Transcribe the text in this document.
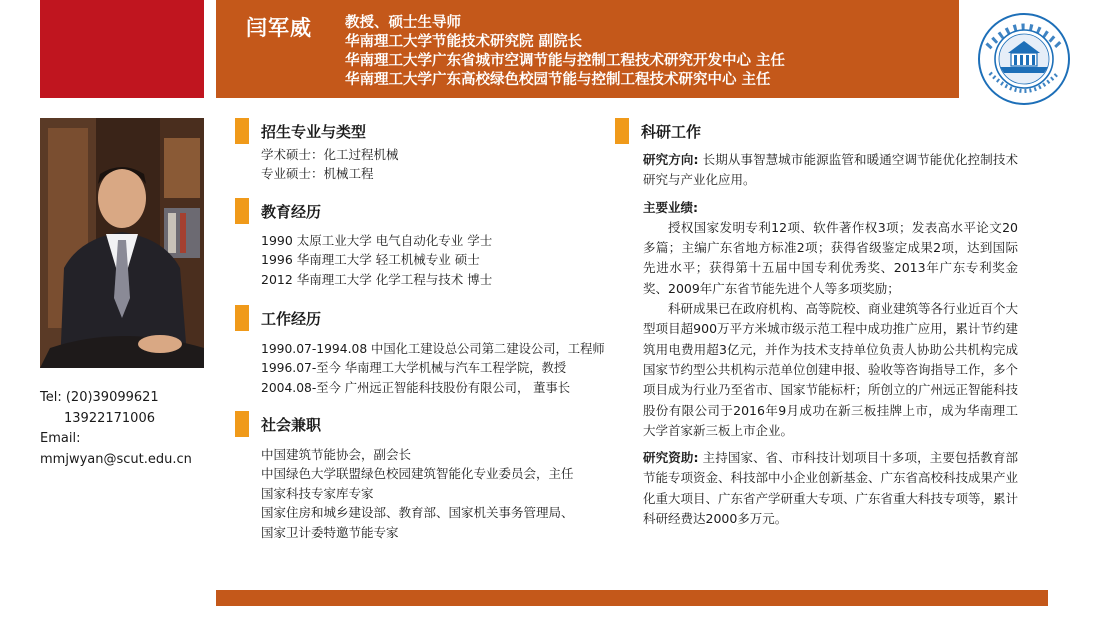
闫军威 教授、硕士生导师
华南理工大学节能技术研究院 副院长
华南理工大学广东省城市空调节能与控制工程技术研究开发中心 主任
华南理工大学广东高校绿色校园节能与控制工程技术研究中心 主任
Tel: (20)39099621
13922171006
Email:
mmjwyan@scut.edu.cn
招生专业与类型
学术硕士：化工过程机械
专业硕士：机械工程
教育经历
1990 太原工业大学 电气自动化专业 学士
1996 华南理工大学 轻工机械专业 硕士
2012 华南理工大学 化学工程与技术 博士
工作经历
1990.07-1994.08 中国化工建设总公司第二建设公司，工程师
1996.07-至今 华南理工大学机械与汽车工程学院，教授
2004.08-至今 广州远正智能科技股份有限公司， 董事长
社会兼职
中国建筑节能协会，副会长
中国绿色大学联盟绿色校园建筑智能化专业委员会，主任
国家科技专家库专家
国家住房和城乡建设部、教育部、国家机关事务管理局、
国家卫计委特邀节能专家
科研工作

研究方向: 长期从事智慧城市能源监管和暖通空调节能优化控制技术研究与产业化应用。

主要业绩:

授权国家发明专利12项、软件著作权3项；发表高水平论文20多篇；主编广东省地方标准2项；获得省级鉴定成果2项，达到国际先进水平；获得第十五届中国专利优秀奖、2013年广东专利奖金奖、2009年广东省节能先进个人等多项奖励；

科研成果已在政府机构、高等院校、商业建筑等各行业近百个大型项目超900万平方米城市级示范工程中成功推广应用，累计节约建筑用电费用超3亿元，并作为技术支持单位负责人协助公共机构完成国家节约型公共机构示范单位创建申报、验收等咨询指导工作，多个项目成为行业乃至省市、国家节能标杆；所创立的广州远正智能科技股份有限公司于2016年9月成功在新三板挂牌上市，成为华南理工大学首家新三板上市企业。

研究资助: 主持国家、省、市科技计划项目十多项，主要包括教育部节能专项资金、科技部中小企业创新基金、广东省高校科技成果产业化重大项目、广东省产学研重大专项、广东省重大科技专项等，累计科研经费达2000多万元。
